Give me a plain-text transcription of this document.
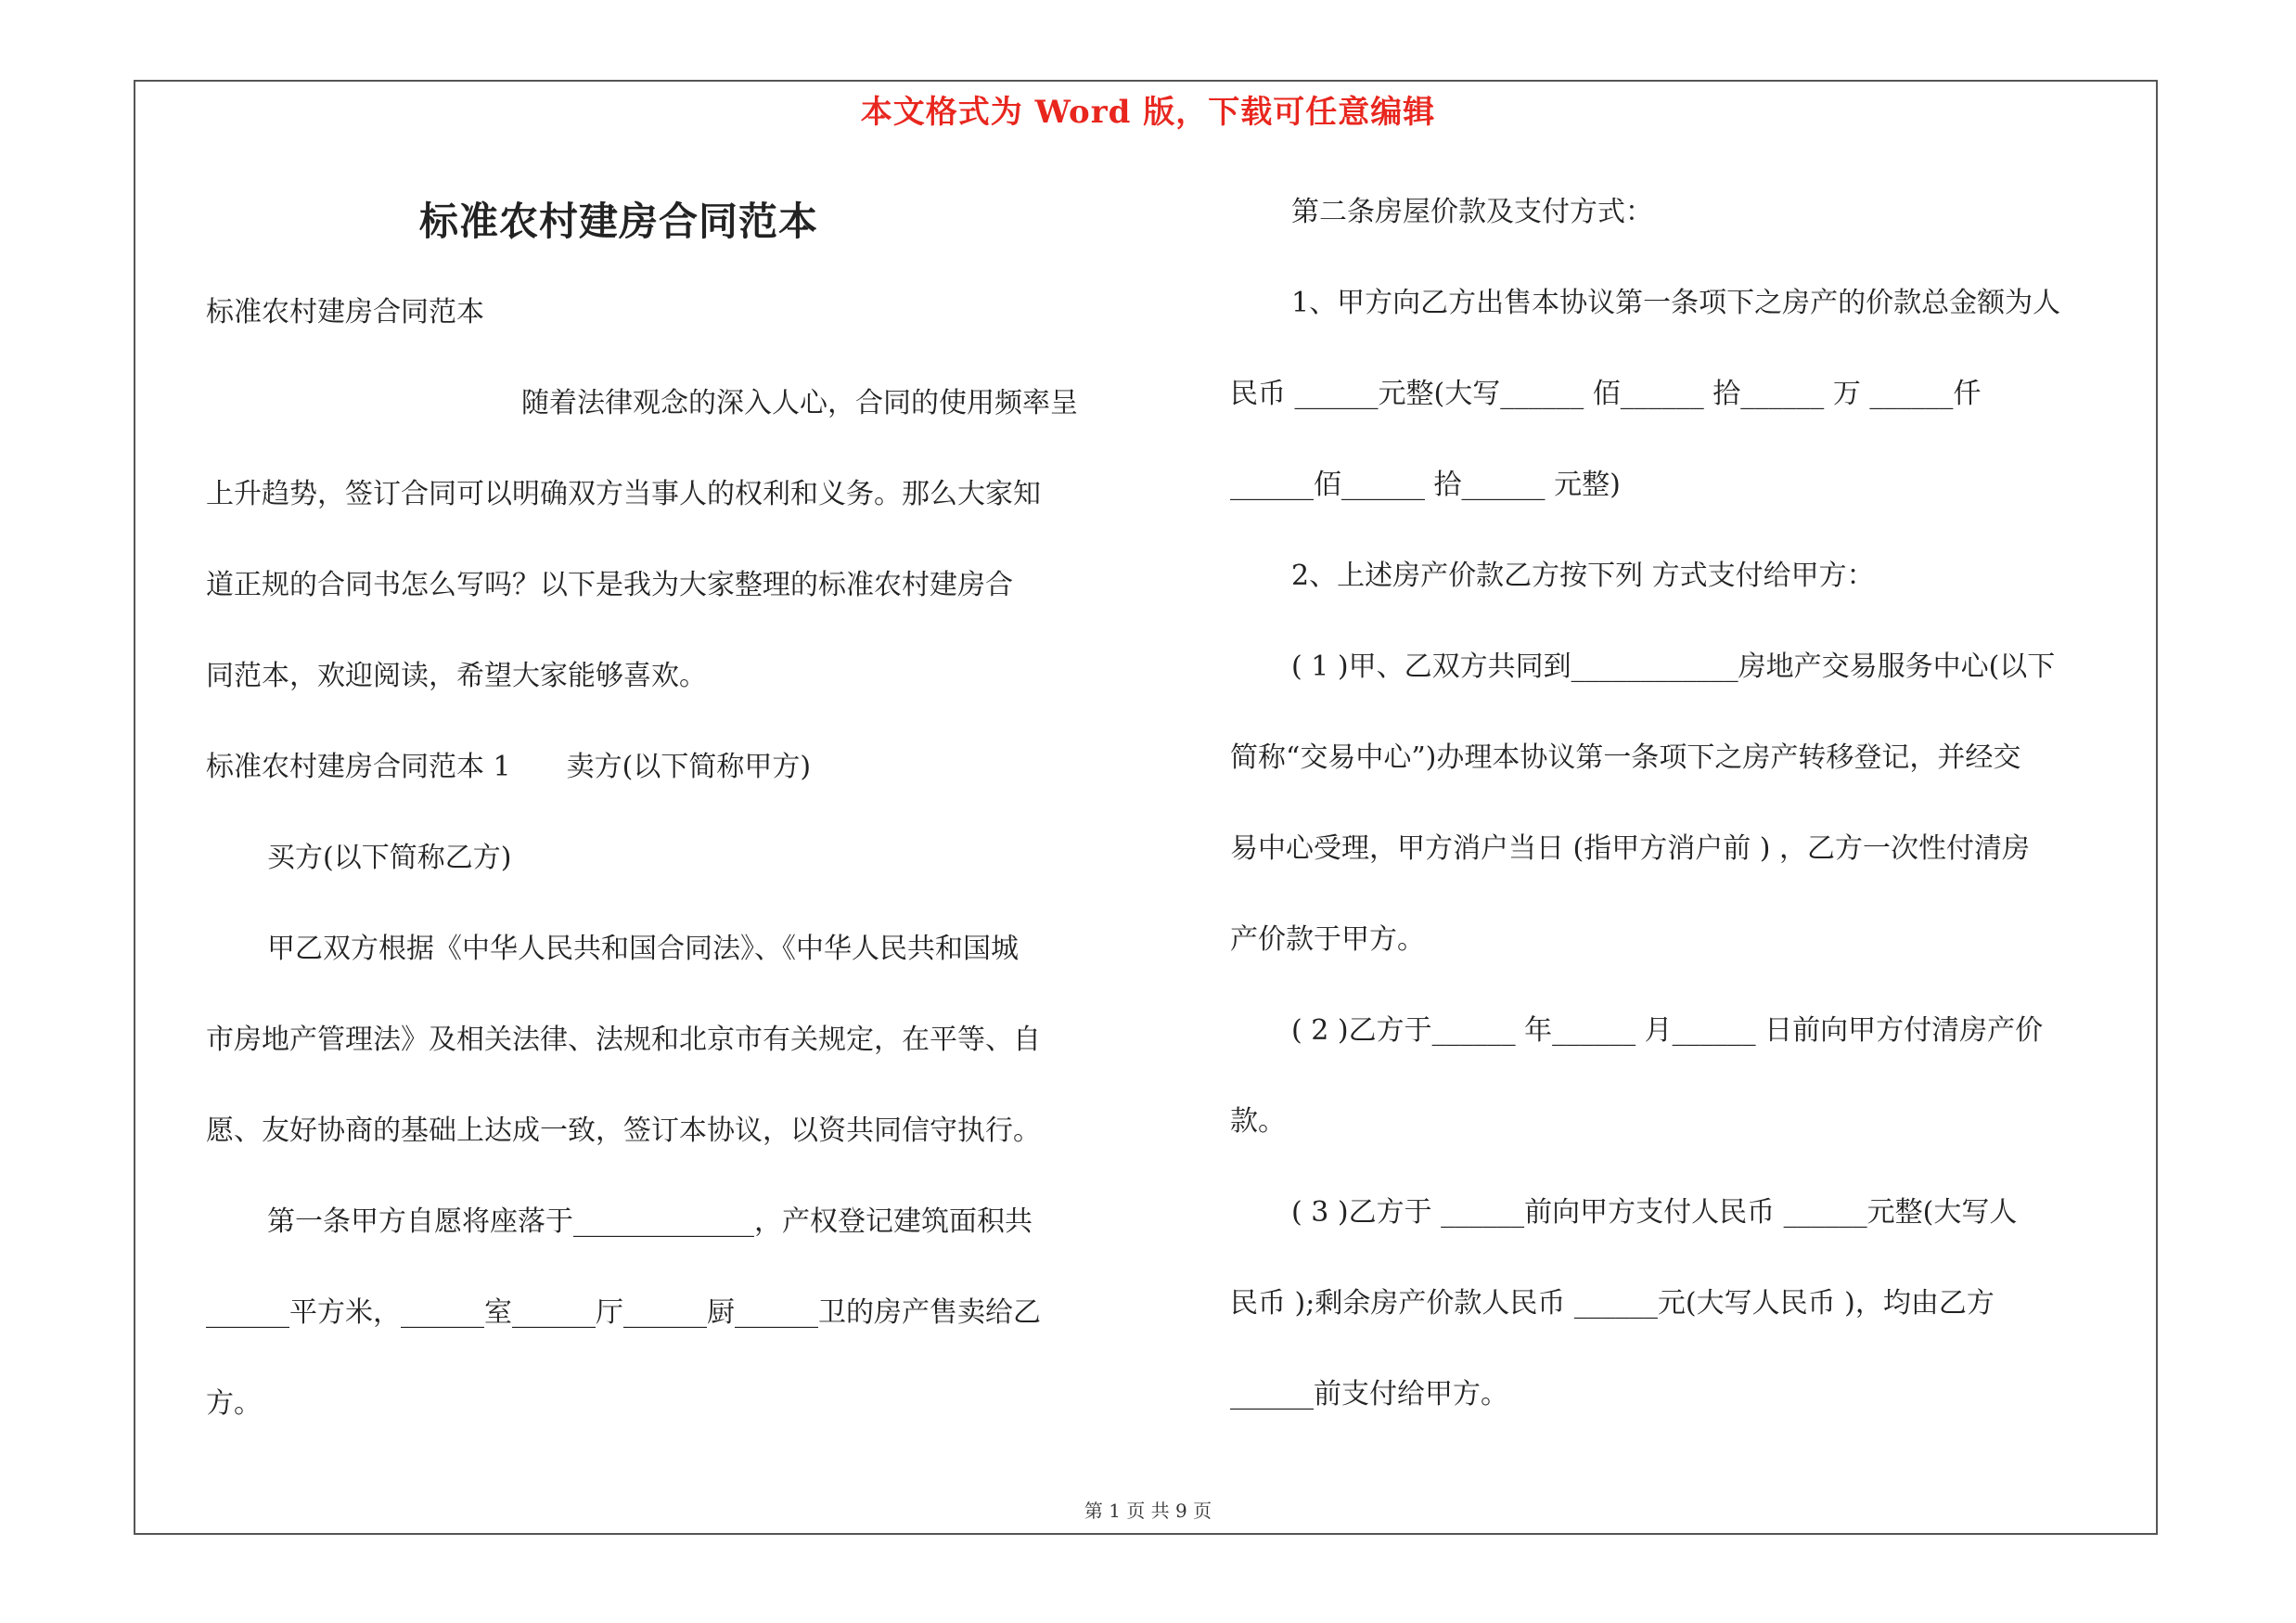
本文格式为 Word 版，下载可任意编辑

标准农村建房合同范本

标准农村建房合同范本

随着法律观念的深入人心，合同的使用频率呈

上升趋势，签订合同可以明确双方当事人的权利和义务。那么大家知

道正规的合同书怎么写吗？以下是我为大家整理的标准农村建房合

同范本，欢迎阅读，希望大家能够喜欢。

标准农村建房合同范本 1　　卖方(以下简称甲方)

买方(以下简称乙方)

甲乙双方根据《中华人民共和国合同法》、《中华人民共和国城

市房地产管理法》及相关法律、法规和北京市有关规定，在平等、自

愿、友好协商的基础上达成一致，签订本协议，以资共同信守执行。

第一条甲方自愿将座落于_____________，产权登记建筑面积共

______平方米，______室______厅______厨______卫的房产售卖给乙

方。

第二条房屋价款及支付方式：

1、甲方向乙方出售本协议第一条项下之房产的价款总金额为人

民币 ______元整(大写______ 佰______ 拾______ 万 ______仟

______佰______ 拾______ 元整)

2、上述房产价款乙方按下列 方式支付给甲方：

( 1 )甲、乙双方共同到____________房地产交易服务中心(以下

简称“交易中心”)办理本协议第一条项下之房产转移登记，并经交

易中心受理，甲方消户当日 (指甲方消户前 ) ，乙方一次性付清房

产价款于甲方。

( 2 )乙方于______ 年______ 月______ 日前向甲方付清房产价

款。

( 3 )乙方于 ______前向甲方支付人民币 ______元整(大写人

民币 );剩余房产价款人民币 ______元(大写人民币 )，均由乙方

______前支付给甲方。

第 1 页 共 9 页
